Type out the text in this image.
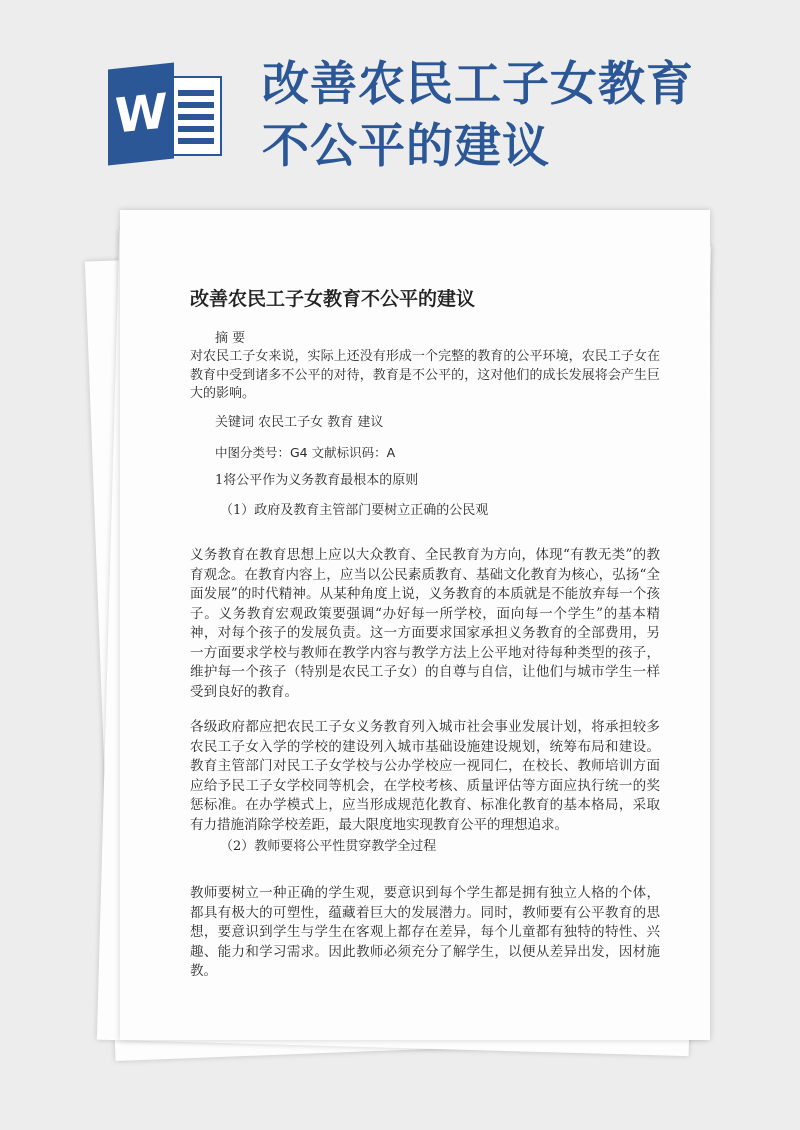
W 改善农民工子女教育不公平的建议
改善农民工子女教育不公平的建议
摘 要
对农民工子女来说，实际上还没有形成一个完整的教育的公平环境，农民工子女在教育中受到诸多不公平的对待，教育是不公平的，这对他们的成长发展将会产生巨大的影响。
关键词 农民工子女 教育 建议
中图分类号：G4 文献标识码：A
1将公平作为义务教育最根本的原则
（1）政府及教育主管部门要树立正确的公民观
义务教育在教育思想上应以大众教育、全民教育为方向，体现“有教无类”的教育观念。在教育内容上，应当以公民素质教育、基础文化教育为核心，弘扬“全面发展”的时代精神。从某种角度上说，义务教育的本质就是不能放弃每一个孩子。义务教育宏观政策要强调“办好每一所学校，面向每一个学生”的基本精神，对每个孩子的发展负责。这一方面要求国家承担义务教育的全部费用，另一方面要求学校与教师在教学内容与教学方法上公平地对待每种类型的孩子，维护每一个孩子（特别是农民工子女）的自尊与自信，让他们与城市学生一样受到良好的教育。
各级政府都应把农民工子女义务教育列入城市社会事业发展计划，将承担较多农民工子女入学的学校的建设列入城市基础设施建设规划，统筹布局和建设。教育主管部门对民工子女学校与公办学校应一视同仁，在校长、教师培训方面应给予民工子女学校同等机会，在学校考核、质量评估等方面应执行统一的奖惩标准。在办学模式上，应当形成规范化教育、标准化教育的基本格局，采取有力措施消除学校差距，最大限度地实现教育公平的理想追求。
（2）教师要将公平性贯穿教学全过程
教师要树立一种正确的学生观，要意识到每个学生都是拥有独立人格的个体，都具有极大的可塑性，蕴藏着巨大的发展潜力。同时，教师要有公平教育的思想，要意识到学生与学生在客观上都存在差异，每个儿童都有独特的特性、兴趣、能力和学习需求。因此教师必须充分了解学生，以便从差异出发，因材施教。
